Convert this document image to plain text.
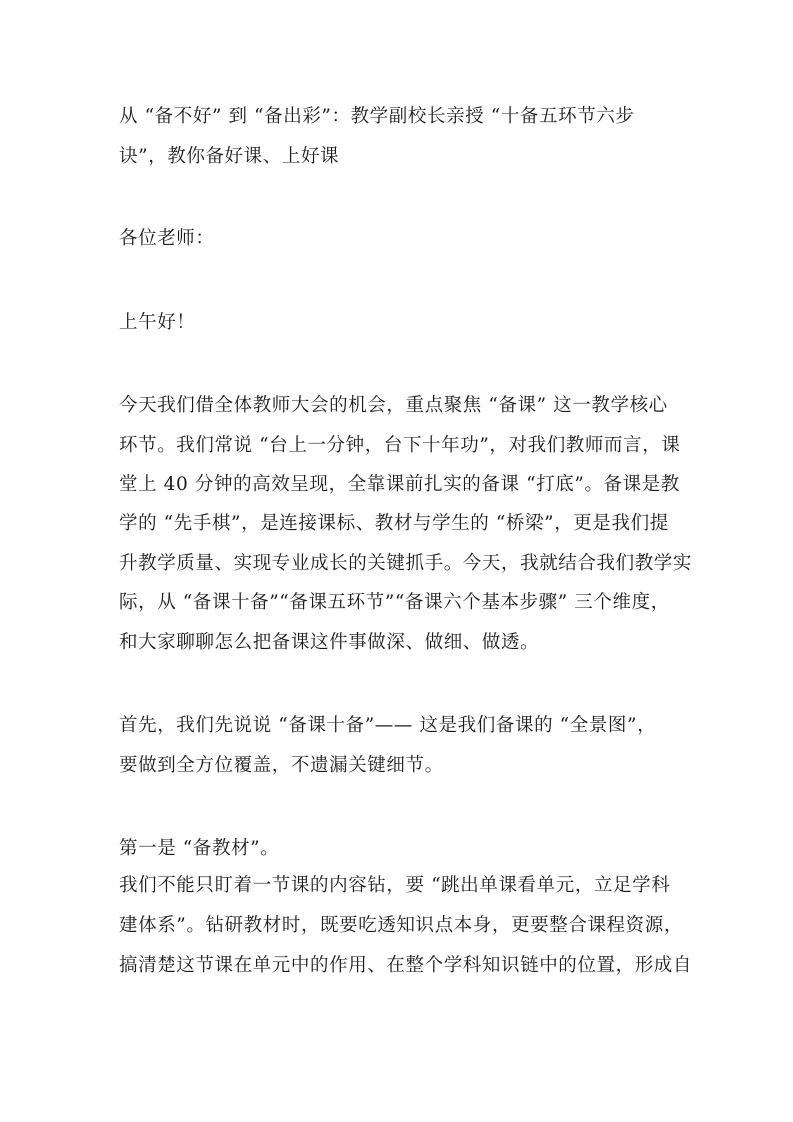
从 “备不好” 到 “备出彩”：教学副校长亲授 “十备五环节六步
诀”，教你备好课、上好课
各位老师：
上午好！
今天我们借全体教师大会的机会，重点聚焦 “备课” 这一教学核心
环节。我们常说 “台上一分钟，台下十年功”，对我们教师而言，课
堂上 40 分钟的高效呈现，全靠课前扎实的备课 “打底”。备课是教
学的 “先手棋”，是连接课标、教材与学生的 “桥梁”，更是我们提
升教学质量、实现专业成长的关键抓手。今天，我就结合我们教学实
际，从 “备课十备”“备课五环节”“备课六个基本步骤” 三个维度，
和大家聊聊怎么把备课这件事做深、做细、做透。
首先，我们先说说 “备课十备”—— 这是我们备课的 “全景图”，
要做到全方位覆盖，不遗漏关键细节。
第一是 “备教材”。
我们不能只盯着一节课的内容钻，要 “跳出单课看单元，立足学科
建体系”。钻研教材时，既要吃透知识点本身，更要整合课程资源，
搞清楚这节课在单元中的作用、在整个学科知识链中的位置，形成自
